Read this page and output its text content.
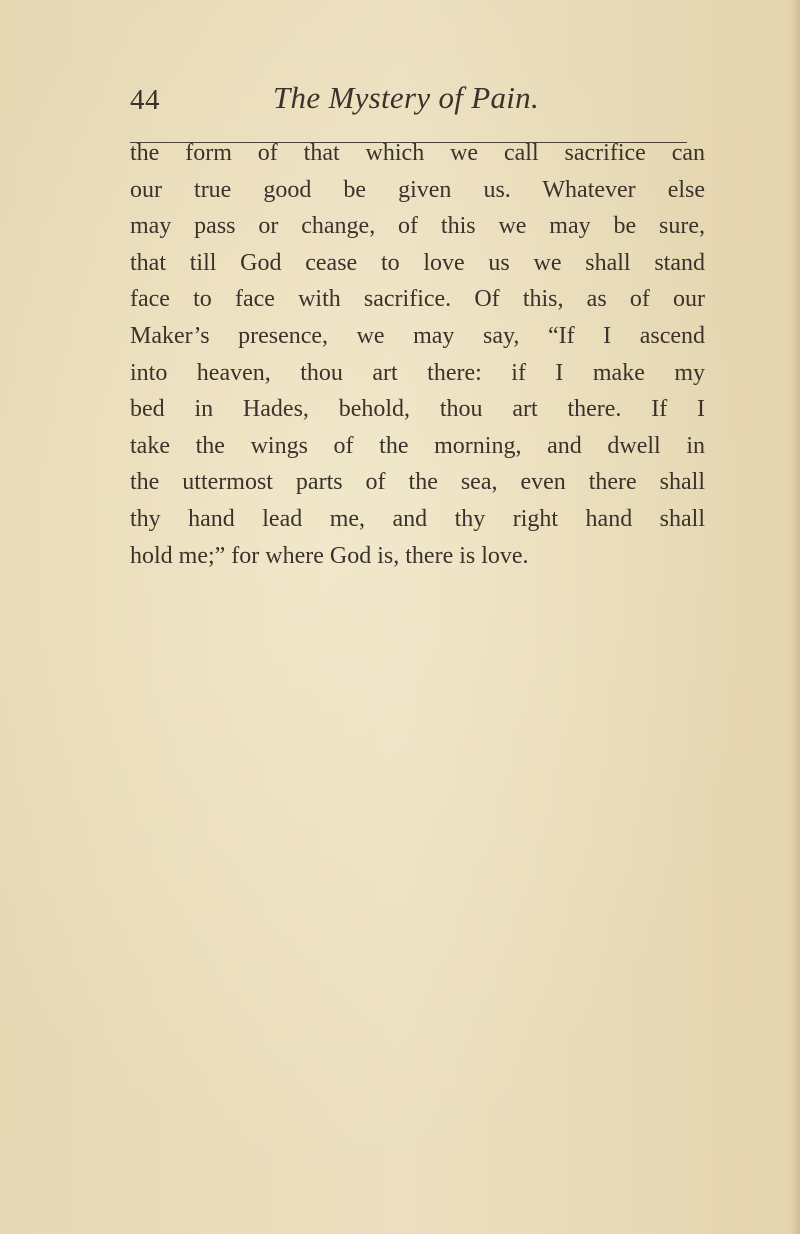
44	The Mystery of Pain.
the form of that which we call sacrifice can
our true good be given us. Whatever else
may pass or change, of this we may be sure,
that till God cease to love us we shall stand
face to face with sacrifice. Of this, as of our
Maker’s presence, we may say, “If I ascend
into heaven, thou art there: if I make my
bed in Hades, behold, thou art there. If I
take the wings of the morning, and dwell in
the uttermost parts of the sea, even there shall
thy hand lead me, and thy right hand shall
hold me;” for where God is, there is love.
